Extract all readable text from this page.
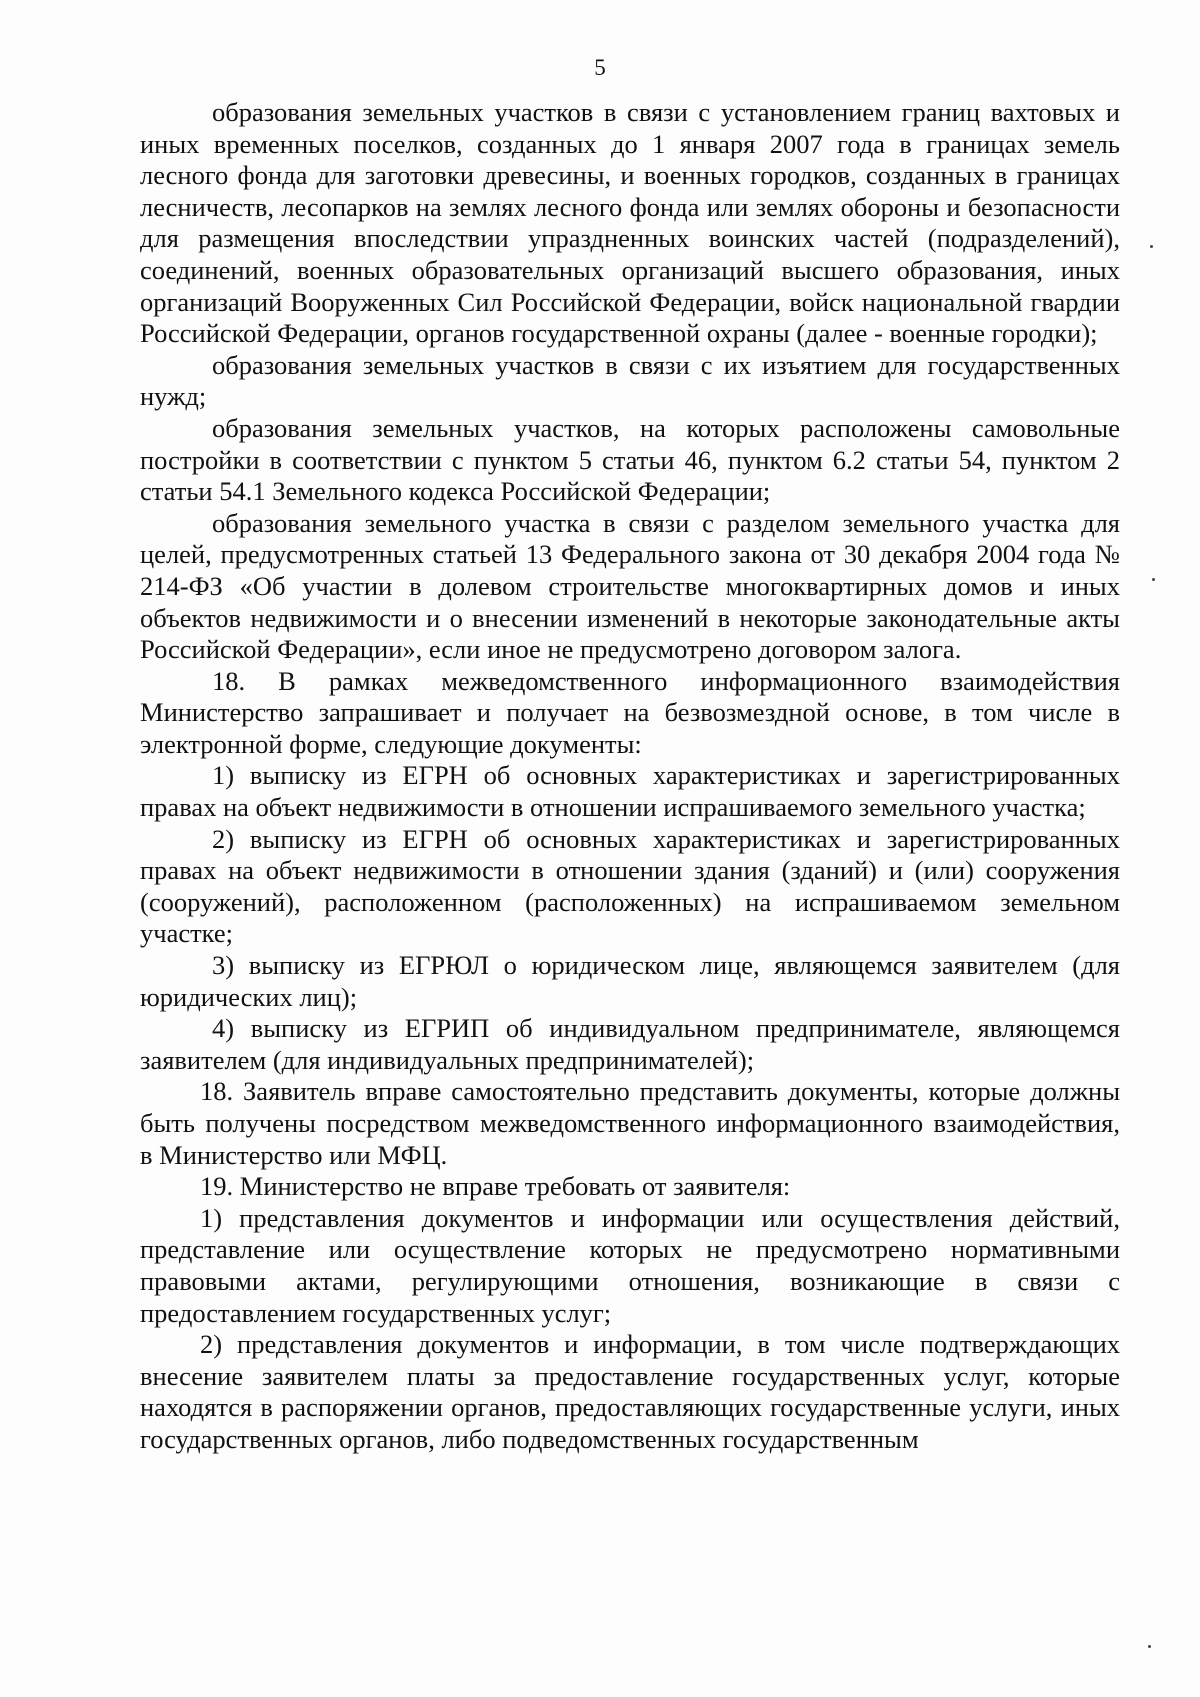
5

образования земельных участков в связи с установлением границ вахтовых и иных временных поселков, созданных до 1 января 2007 года в границах земель лесного фонда для заготовки древесины, и военных городков, созданных в границах лесничеств, лесопарков на землях лесного фонда или землях обороны и безопасности для размещения впоследствии упраздненных воинских частей (подразделений), соединений, военных образовательных организаций высшего образования, иных организаций Вооруженных Сил Российской Федерации, войск национальной гвардии Российской Федерации, органов государственной охраны (далее - военные городки);

образования земельных участков в связи с их изъятием для государственных нужд;

образования земельных участков, на которых расположены самовольные постройки в соответствии с пунктом 5 статьи 46, пунктом 6.2 статьи 54, пунктом 2 статьи 54.1 Земельного кодекса Российской Федерации;

образования земельного участка в связи с разделом земельного участка для целей, предусмотренных статьей 13 Федерального закона от 30 декабря 2004 года № 214-ФЗ «Об участии в долевом строительстве многоквартирных домов и иных объектов недвижимости и о внесении изменений в некоторые законодательные акты Российской Федерации», если иное не предусмотрено договором залога.

18. В рамках межведомственного информационного взаимодействия Министерство запрашивает и получает на безвозмездной основе, в том числе в электронной форме, следующие документы:

1) выписку из ЕГРН об основных характеристиках и зарегистрированных правах на объект недвижимости в отношении испрашиваемого земельного участка;

2) выписку из ЕГРН об основных характеристиках и зарегистрированных правах на объект недвижимости в отношении здания (зданий) и (или) сооружения (сооружений), расположенном (расположенных) на испрашиваемом земельном участке;

3) выписку из ЕГРЮЛ о юридическом лице, являющемся заявителем (для юридических лиц);

4) выписку из ЕГРИП об индивидуальном предпринимателе, являющемся заявителем (для индивидуальных предпринимателей);

18. Заявитель вправе самостоятельно представить документы, которые должны быть получены посредством межведомственного информационного взаимодействия, в Министерство или МФЦ.

19. Министерство не вправе требовать от заявителя:

1) представления документов и информации или осуществления действий, представление или осуществление которых не предусмотрено нормативными правовыми актами, регулирующими отношения, возникающие в связи с предоставлением государственных услуг;

2) представления документов и информации, в том числе подтверждающих внесение заявителем платы за предоставление государственных услуг, которые находятся в распоряжении органов, предоставляющих государственные услуги, иных государственных органов, либо подведомственных государственным
